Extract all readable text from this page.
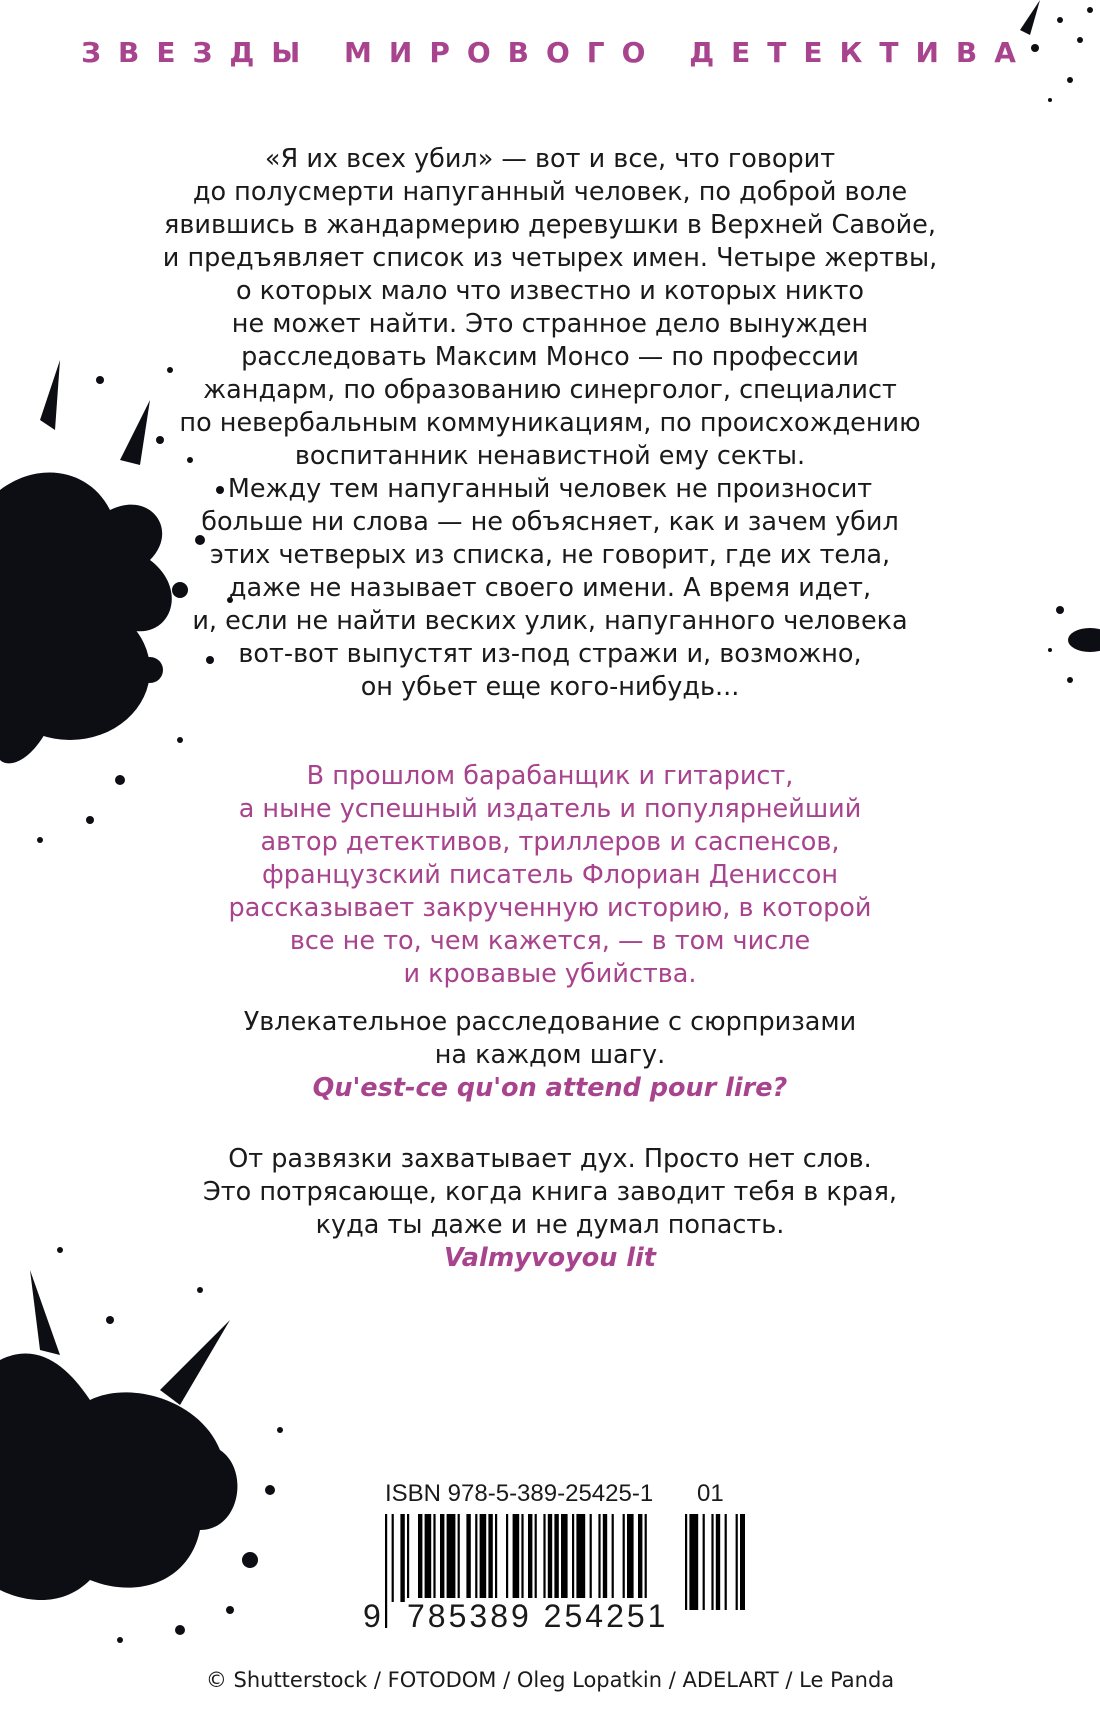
ЗВЕЗДЫ МИРОВОГО ДЕТЕКТИВА
«Я их всех убил» — вот и все, что говорит
до полусмерти напуганный человек, по доброй воле
явившись в жандармерию деревушки в Верхней Савойе,
и предъявляет список из четырех имен. Четыре жертвы,
о которых мало что известно и которых никто
не может найти. Это странное дело вынужден
расследовать Максим Монсо — по профессии
жандарм, по образованию синерголог, специалист
по невербальным коммуникациям, по происхождению
воспитанник ненавистной ему секты.
Между тем напуганный человек не произносит
больше ни слова — не объясняет, как и зачем убил
этих четверых из списка, не говорит, где их тела,
даже не называет своего имени. А время идет,
и, если не найти веских улик, напуганного человека
вот-вот выпустят из-под стражи и, возможно,
он убьет еще кого-нибудь...
В прошлом барабанщик и гитарист,
а ныне успешный издатель и популярнейший
автор детективов, триллеров и саспенсов,
французский писатель Флориан Дениссон
рассказывает закрученную историю, в которой
все не то, чем кажется, — в том числе
и кровавые убийства.
Увлекательное расследование с сюрпризами
на каждом шагу.
Qu'est-ce qu'on attend pour lire?
От развязки захватывает дух. Просто нет слов.
Это потрясающе, когда книга заводит тебя в края,
куда ты даже и не думал попасть.
Valmyvoyou lit
ISBN 978-5-389-25425-1 01
9 785389 254251
© Shutterstock / FOTODOM / Oleg Lopatkin / ADELART / Le Panda
